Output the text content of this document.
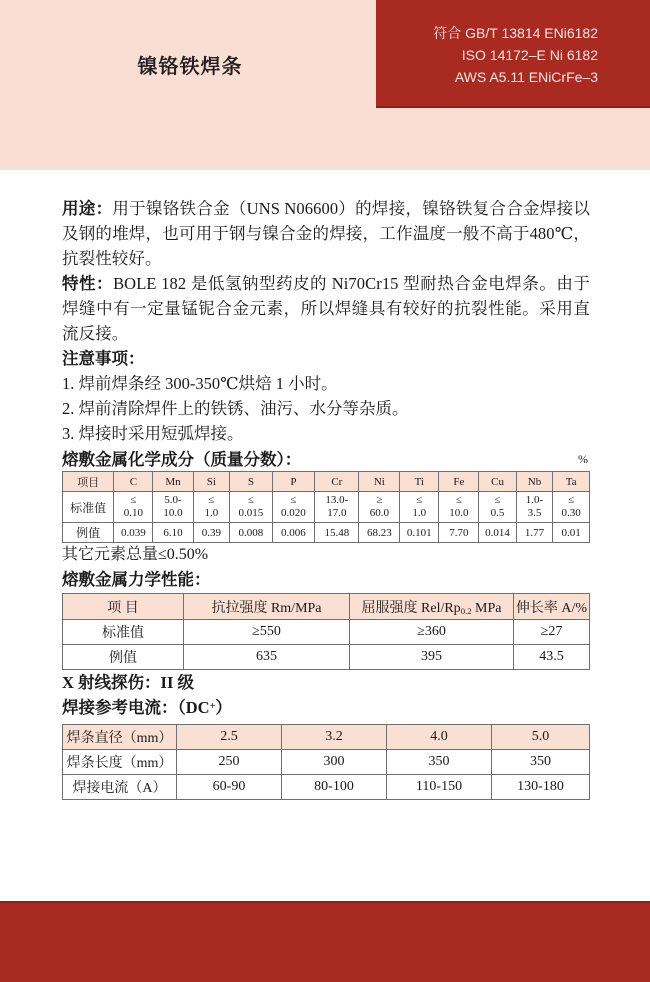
镍铬铁焊条
符合 GB/T 13814 ENi6182
ISO 14172–E Ni 6182
AWS A5.11 ENiCrFe–3

用途：用于镍铬铁合金（UNS N06600）的焊接，镍铬铁复合合金焊接以及钢的堆焊，也可用于钢与镍合金的焊接，工作温度一般不高于480℃，抗裂性较好。

特性：BOLE 182 是低氢钠型药皮的 Ni70Cr15 型耐热合金电焊条。由于焊缝中有一定量锰铌合金元素，所以焊缝具有较好的抗裂性能。采用直流反接。

注意事项：

1. 焊前焊条经 300-350℃烘焙 1 小时。

2. 焊前清除焊件上的铁锈、油污、水分等杂质。

3. 焊接时采用短弧焊接。

熔敷金属化学成分（质量分数）：	%
项目	C	Mn	Si	S	P	Cr	Ni	Ti	Fe	Cu	Nb	Ta
标准值	≤
0.10	5.0-
10.0	≤
1.0	≤
0.015	≤
0.020	13.0-
17.0	≥
60.0	≤
1.0	≤
10.0	≤
0.5	1.0-
3.5	≤
0.30
例值	0.039	6.10	0.39	0.008	0.006	15.48	68.23	0.101	7.70	0.014	1.77	0.01

其它元素总量≤0.50%

熔敷金属力学性能：

项 目	抗拉强度 Rm/MPa	屈服强度 Rel/$Rp_{0.2}$ MPa	伸长率 A/%
标准值	≥550	≥360	≥27
例值	635	395	43.5

X 射线探伤：II 级

焊接参考电流：（DC+）

焊条直径（mm）	2.5	3.2	4.0	5.0
焊条长度（mm）	250	300	350	350
焊接电流（A）	60-90	80-100	110-150	130-180
